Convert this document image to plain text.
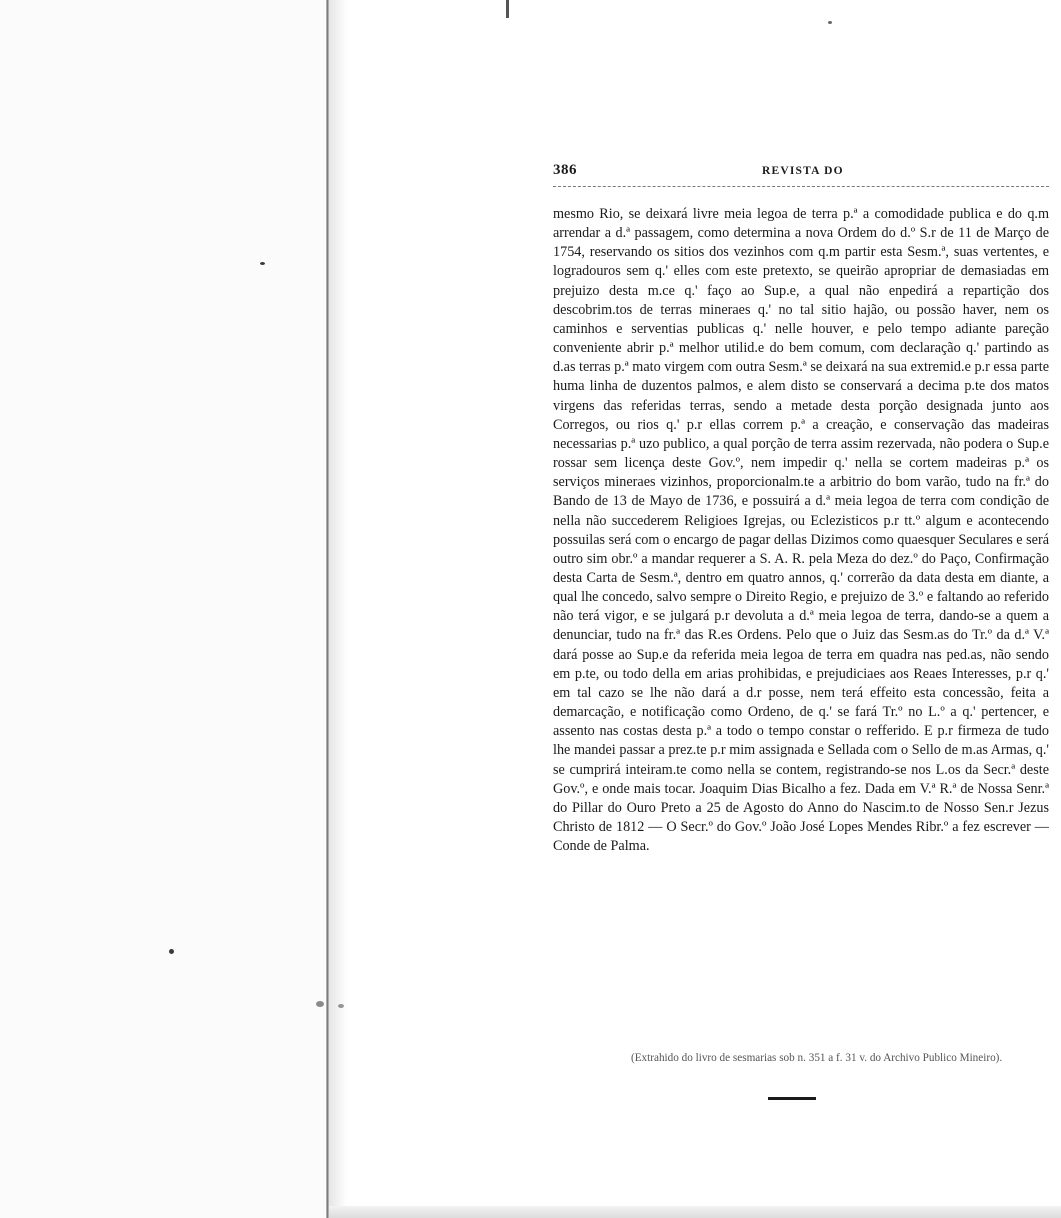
386	REVISTA DO

mesmo Rio, se deixará livre meia legoa de terra p.ª a comodidade publica e do q.m arrendar a d.ª passagem, como determina a nova Ordem do d.º S.r de 11 de Março de 1754, reservando os sitios dos vezinhos com q.m partir esta Sesm.ª, suas vertentes, e logradouros sem q.' elles com este pretexto, se queirão apropriar de demasiadas em prejuizo desta m.ce q.' faço ao Sup.e, a qual não enpedirá a repartição dos descobrim.tos de terras mineraes q.' no tal sitio hajão, ou possão haver, nem os caminhos e serventias publicas q.' nelle houver, e pelo tempo adiante pareção conveniente abrir p.ª melhor utilid.e do bem comum, com declaração q.' partindo as d.as terras p.ª mato virgem com outra Sesm.ª se deixará na sua extremid.e p.r essa parte huma linha de duzentos palmos, e alem disto se conservará a decima p.te dos matos virgens das referidas terras, sendo a metade desta porção designada junto aos Corregos, ou rios q.' p.r ellas correm p.ª a creação, e conservação das madeiras necessarias p.ª uzo publico, a qual porção de terra assim rezervada, não podera o Sup.e rossar sem licença deste Gov.º, nem impedir q.' nella se cortem madeiras p.ª os serviços mineraes vizinhos, proporcionalm.te a arbitrio do bom varão, tudo na fr.ª do Bando de 13 de Mayo de 1736, e possuirá a d.ª meia legoa de terra com condição de nella não succederem Religioes Igrejas, ou Eclezisticos p.r tt.º algum e acontecendo possuilas será com o encargo de pagar dellas Dizimos como quaesquer Seculares e será outro sim obr.º a mandar requerer a S. A. R. pela Meza do dez.º do Paço, Confirmação desta Carta de Sesm.ª, dentro em quatro annos, q.' correrão da data desta em diante, a qual lhe concedo, salvo sempre o Direito Regio, e prejuizo de 3.º e faltando ao referido não terá vigor, e se julgará p.r devoluta a d.ª meia legoa de terra, dando-se a quem a denunciar, tudo na fr.ª das R.es Ordens. Pelo que o Juiz das Sesm.as do Tr.º da d.ª V.ª dará posse ao Sup.e da referida meia legoa de terra em quadra nas ped.as, não sendo em p.te, ou todo della em arias prohibidas, e prejudiciaes aos Reaes Interesses, p.r q.' em tal cazo se lhe não dará a d.r posse, nem terá effeito esta concessão, feita a demarcação, e notificação como Ordeno, de q.' se fará Tr.º no L.º a q.' pertencer, e assento nas costas desta p.ª a todo o tempo constar o refferido. E p.r firmeza de tudo lhe mandei passar a prez.te p.r mim assignada e Sellada com o Sello de m.as Armas, q.' se cumprirá inteiram.te como nella se contem, registrando-se nos L.os da Secr.ª deste Gov.º, e onde mais tocar. Joaquim Dias Bicalho a fez. Dada em V.ª R.ª de Nossa Senr.ª do Pillar do Ouro Preto a 25 de Agosto do Anno do Nascim.to de Nosso Sen.r Jezus Christo de 1812 — O Secr.º do Gov.º João José Lopes Mendes Ribr.º a fez escrever — Conde de Palma.

(Extrahido do livro de sesmarias sob n. 351 a f. 31 v. do Archivo Publico Mineiro).
